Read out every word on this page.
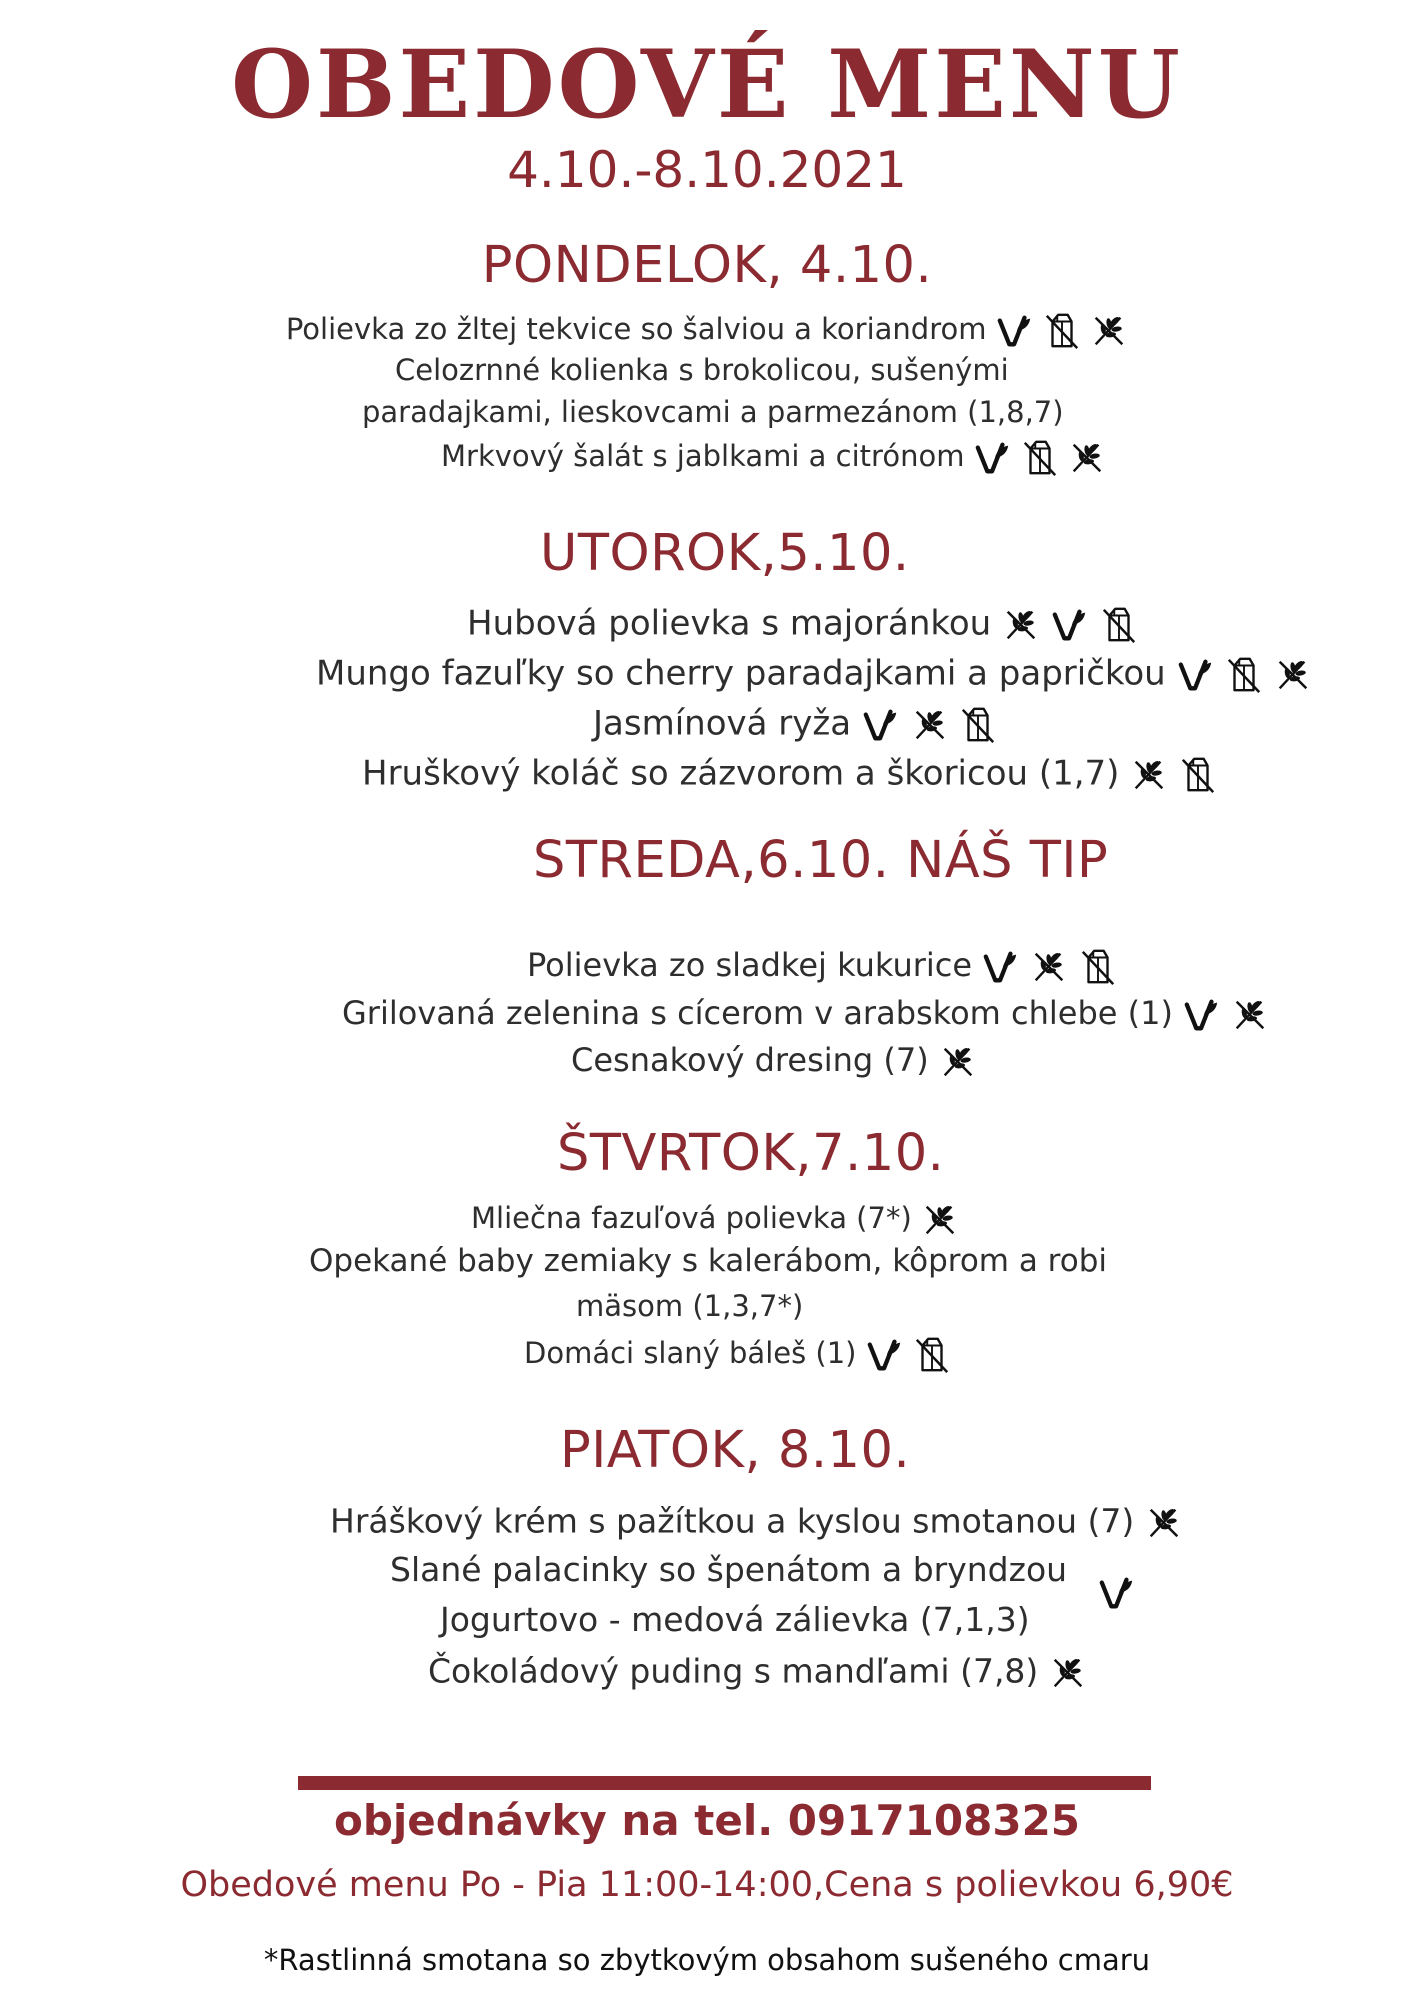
OBEDOVÉ MENU
4.10.-8.10.2021
PONDELOK, 4.10.
Polievka zo žltej tekvice so šalviou a koriandrom

Celozrnné kolienka s brokolicou, sušenými
paradajkami, lieskovcami a parmezánom (1,8,7)
Mrkvový šalát s jablkami a citrónom

UTOROK,5.10.
Hubová polievka s majoránkou

Mungo fazuľky so cherry paradajkami a papričkou

Jasmínová ryža

Hruškový koláč so zázvorom a škoricou (1,7)

STREDA,6.10. NÁŠ TIP
Polievka zo sladkej kukurice

Grilovaná zelenina s cícerom v arabskom chlebe (1)

Cesnakový dresing (7)
ŠTVRTOK,7.10.
Mliečna fazuľová polievka (7*)
Opekané baby zemiaky s kalerábom, kôprom a robi
mäsom (1,3,7*)
Domáci slaný báleš (1)

PIATOK, 8.10.
Hráškový krém s pažítkou a kyslou smotanou (7)
Slané palacinky so špenátom a bryndzou
Jogurtovo - medová zálievka (7,1,3)
Čokoládový puding s mandľami (7,8)
objednávky na tel. 0917108325
Obedové menu Po - Pia 11:00-14:00,Cena s polievkou 6,90€
*Rastlinná smotana so zbytkovým obsahom sušeného cmaru
